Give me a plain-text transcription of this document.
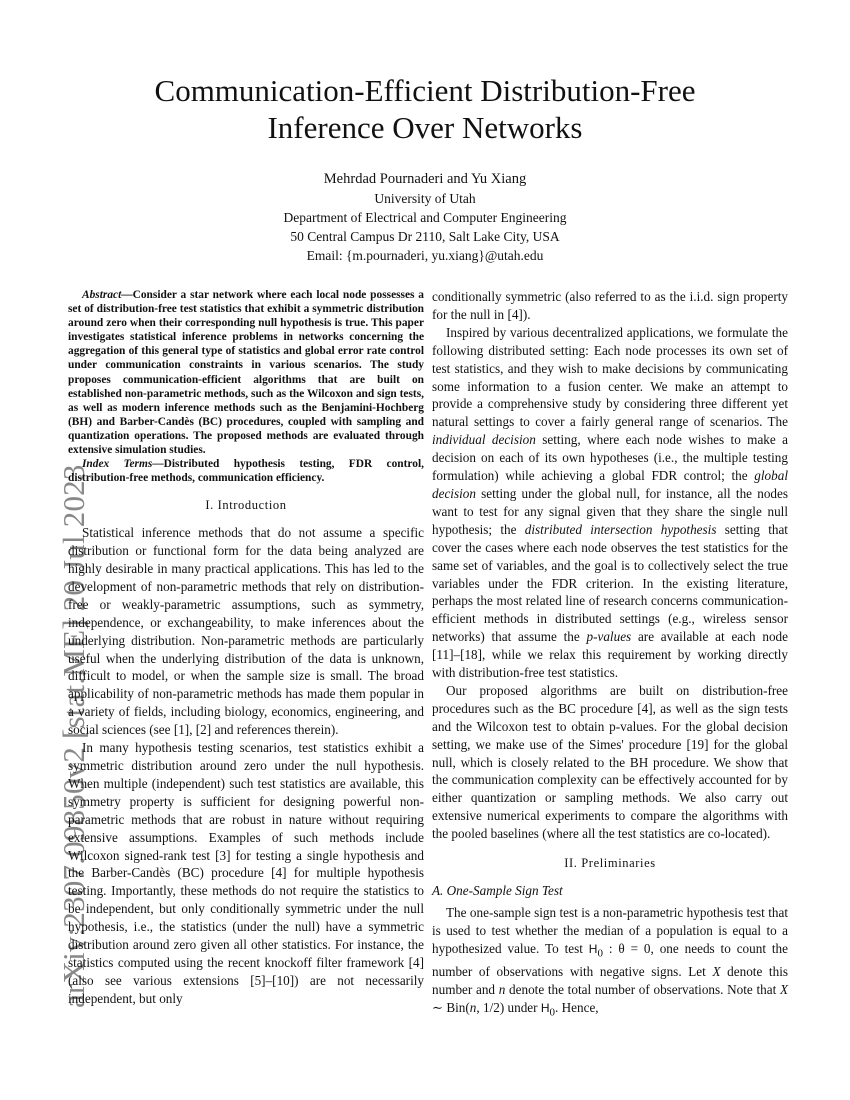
arXiv:2307.09850v2 [stat.ME] 20 Jul 2023
Communication-Efficient Distribution-Free
Inference Over Networks
Mehrdad Pournaderi and Yu Xiang
University of Utah
Department of Electrical and Computer Engineering
50 Central Campus Dr 2110, Salt Lake City, USA
Email: {m.pournaderi, yu.xiang}@utah.edu

Abstract—Consider a star network where each local node possesses a set of distribution-free test statistics that exhibit a symmetric distribution around zero when their corresponding null hypothesis is true. This paper investigates statistical inference problems in networks concerning the aggregation of this general type of statistics and global error rate control under communication constraints in various scenarios. The study proposes communication-efficient algorithms that are built on established non-parametric methods, such as the Wilcoxon and sign tests, as well as modern inference methods such as the Benjamini-Hochberg (BH) and Barber-Candès (BC) procedures, coupled with sampling and quantization operations. The proposed methods are evaluated through extensive simulation studies.

Index Terms—Distributed hypothesis testing, FDR control, distribution-free methods, communication efficiency.

I. Introduction

Statistical inference methods that do not assume a specific distribution or functional form for the data being analyzed are highly desirable in many practical applications. This has led to the development of non-parametric methods that rely on distribution-free or weakly-parametric assumptions, such as symmetry, independence, or exchangeability, to make inferences about the underlying distribution. Non-parametric methods are particularly useful when the underlying distribution of the data is unknown, difficult to model, or when the sample size is small. The broad applicability of non-parametric methods has made them popular in a variety of fields, including biology, economics, engineering, and social sciences (see [1], [2] and references therein).

In many hypothesis testing scenarios, test statistics exhibit a symmetric distribution around zero under the null hypothesis. When multiple (independent) such test statistics are available, this symmetry property is sufficient for designing powerful non-parametric methods that are robust in nature without requiring extensive assumptions. Examples of such methods include Wilcoxon signed-rank test [3] for testing a single hypothesis and the Barber-Candès (BC) procedure [4] for multiple hypothesis testing. Importantly, these methods do not require the statistics to be independent, but only conditionally symmetric under the null hypothesis, i.e., the statistics (under the null) have a symmetric distribution around zero given all other statistics. For instance, the statistics computed using the recent knockoff filter framework [4] (also see various extensions [5]–[10]) are not necessarily independent, but only

conditionally symmetric (also referred to as the i.i.d. sign property for the null in [4]).

Inspired by various decentralized applications, we formulate the following distributed setting: Each node processes its own set of test statistics, and they wish to make decisions by communicating some information to a fusion center. We make an attempt to provide a comprehensive study by considering three different yet natural settings to cover a fairly general range of scenarios. The individual decision setting, where each node wishes to make a decision on each of its own hypotheses (i.e., the multiple testing formulation) while achieving a global FDR control; the global decision setting under the global null, for instance, all the nodes want to test for any signal given that they share the single null hypothesis; the distributed intersection hypothesis setting that cover the cases where each node observes the test statistics for the same set of variables, and the goal is to collectively select the true variables under the FDR criterion. In the existing literature, perhaps the most related line of research concerns communication-efficient methods in distributed settings (e.g., wireless sensor networks) that assume the p-values are available at each node [11]–[18], while we relax this requirement by working directly with distribution-free test statistics.

Our proposed algorithms are built on distribution-free procedures such as the BC procedure [4], as well as the sign tests and the Wilcoxon test to obtain p-values. For the global decision setting, we make use of the Simes' procedure [19] for the global null, which is closely related to the BH procedure. We show that the communication complexity can be effectively accounted for by either quantization or sampling methods. We also carry out extensive numerical experiments to compare the algorithms with the pooled baselines (where all the test statistics are co-located).

II. Preliminaries
A. One-Sample Sign Test

The one-sample sign test is a non-parametric hypothesis test that is used to test whether the median of a population is equal to a hypothesized value. To test $H_0$ : θ = 0, one needs to count the number of observations with negative signs. Let X denote this number and n denote the total number of observations. Note that X ∼ Bin(n, 1/2) under $H_0$. Hence,
